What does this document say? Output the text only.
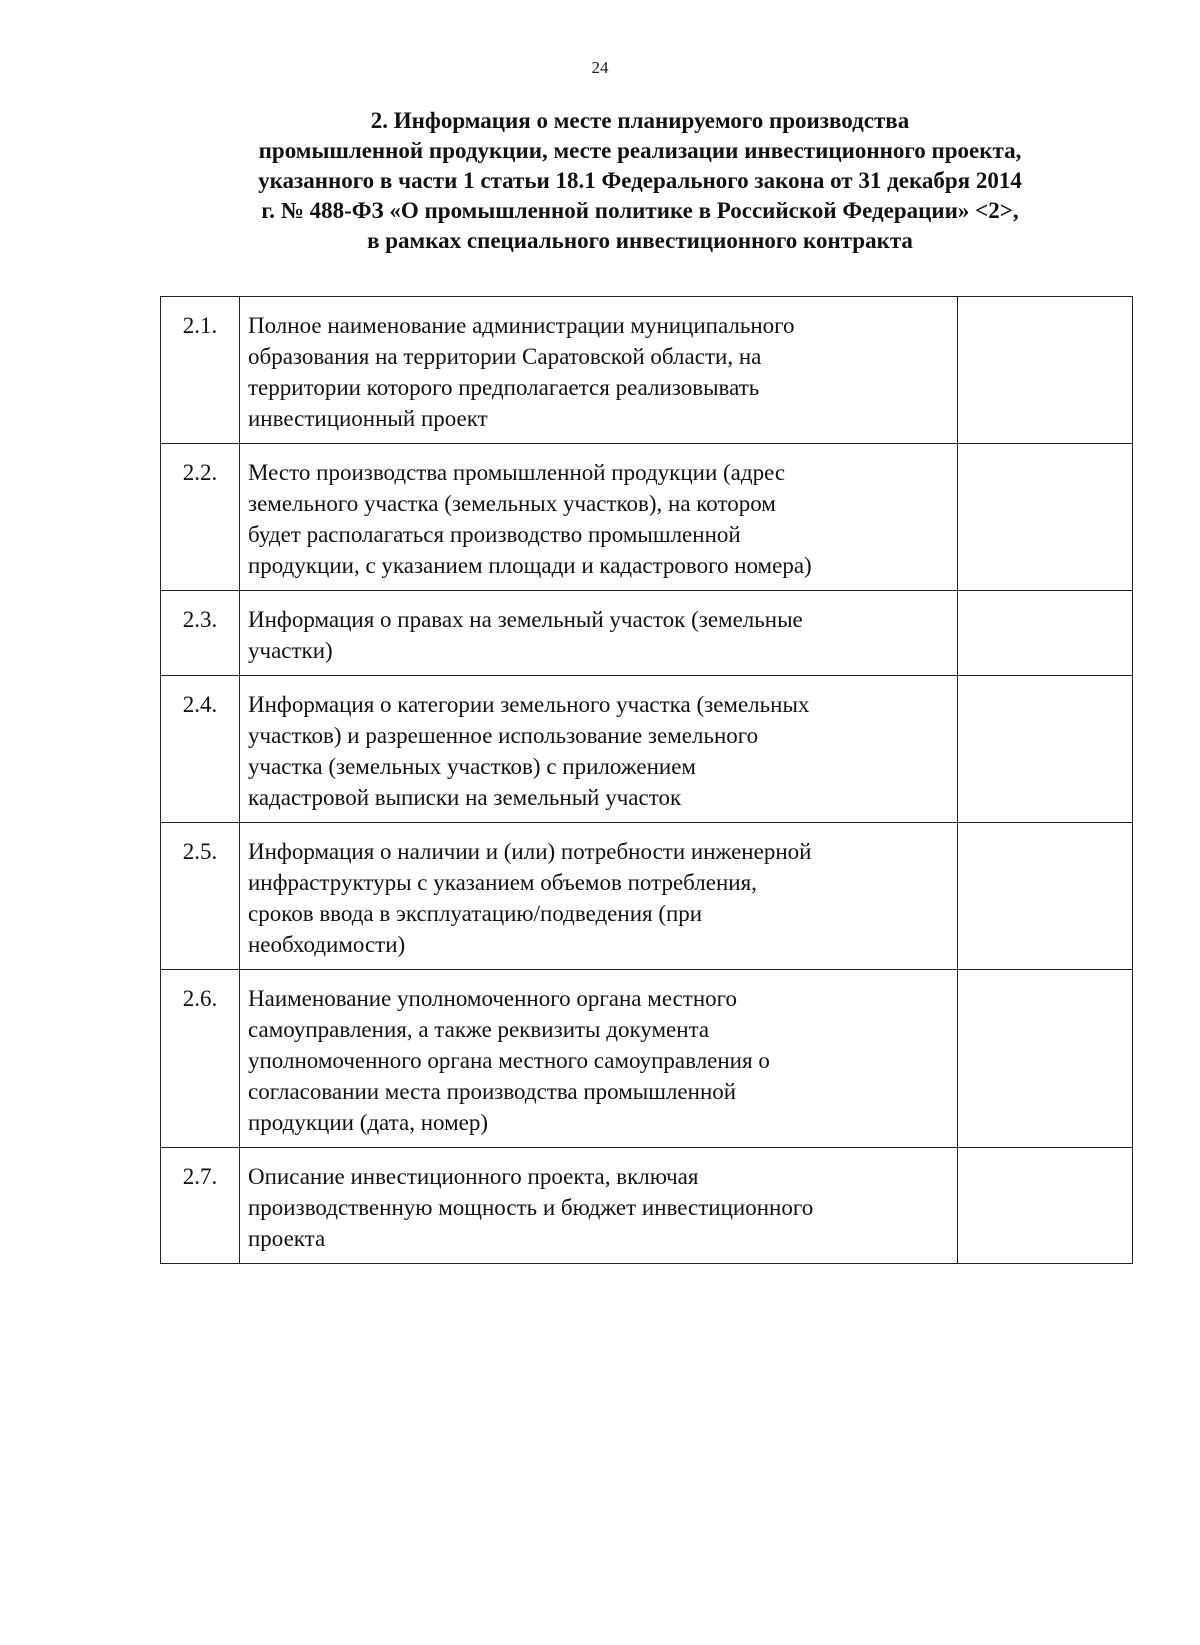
24
2. Информация о месте планируемого производства
промышленной продукции, месте реализации инвестиционного проекта,
указанного в части 1 статьи 18.1 Федерального закона от 31 декабря 2014
г. № 488-ФЗ «О промышленной политике в Российской Федерации» <2>,
в рамках специального инвестиционного контракта
2.1.	Полное наименование администрации муниципального
образования на территории Саратовской области, на
территории которого предполагается реализовывать
инвестиционный проект	

2.2.	Место производства промышленной продукции (адрес
земельного участка (земельных участков), на котором
будет располагаться производство промышленной
продукции, с указанием площади и кадастрового номера)	

2.3.	Информация о правах на земельный участок (земельные
участки)	

2.4.	Информация о категории земельного участка (земельных
участков) и разрешенное использование земельного
участка (земельных участков) с приложением
кадастровой выписки на земельный участок	

2.5.	Информация о наличии и (или) потребности инженерной
инфраструктуры с указанием объемов потребления,
сроков ввода в эксплуатацию/подведения (при
необходимости)	

2.6.	Наименование уполномоченного органа местного
самоуправления, а также реквизиты документа
уполномоченного органа местного самоуправления о
согласовании места производства промышленной
продукции (дата, номер)	

2.7.	Описание инвестиционного проекта, включая
производственную мощность и бюджет инвестиционного
проекта	
